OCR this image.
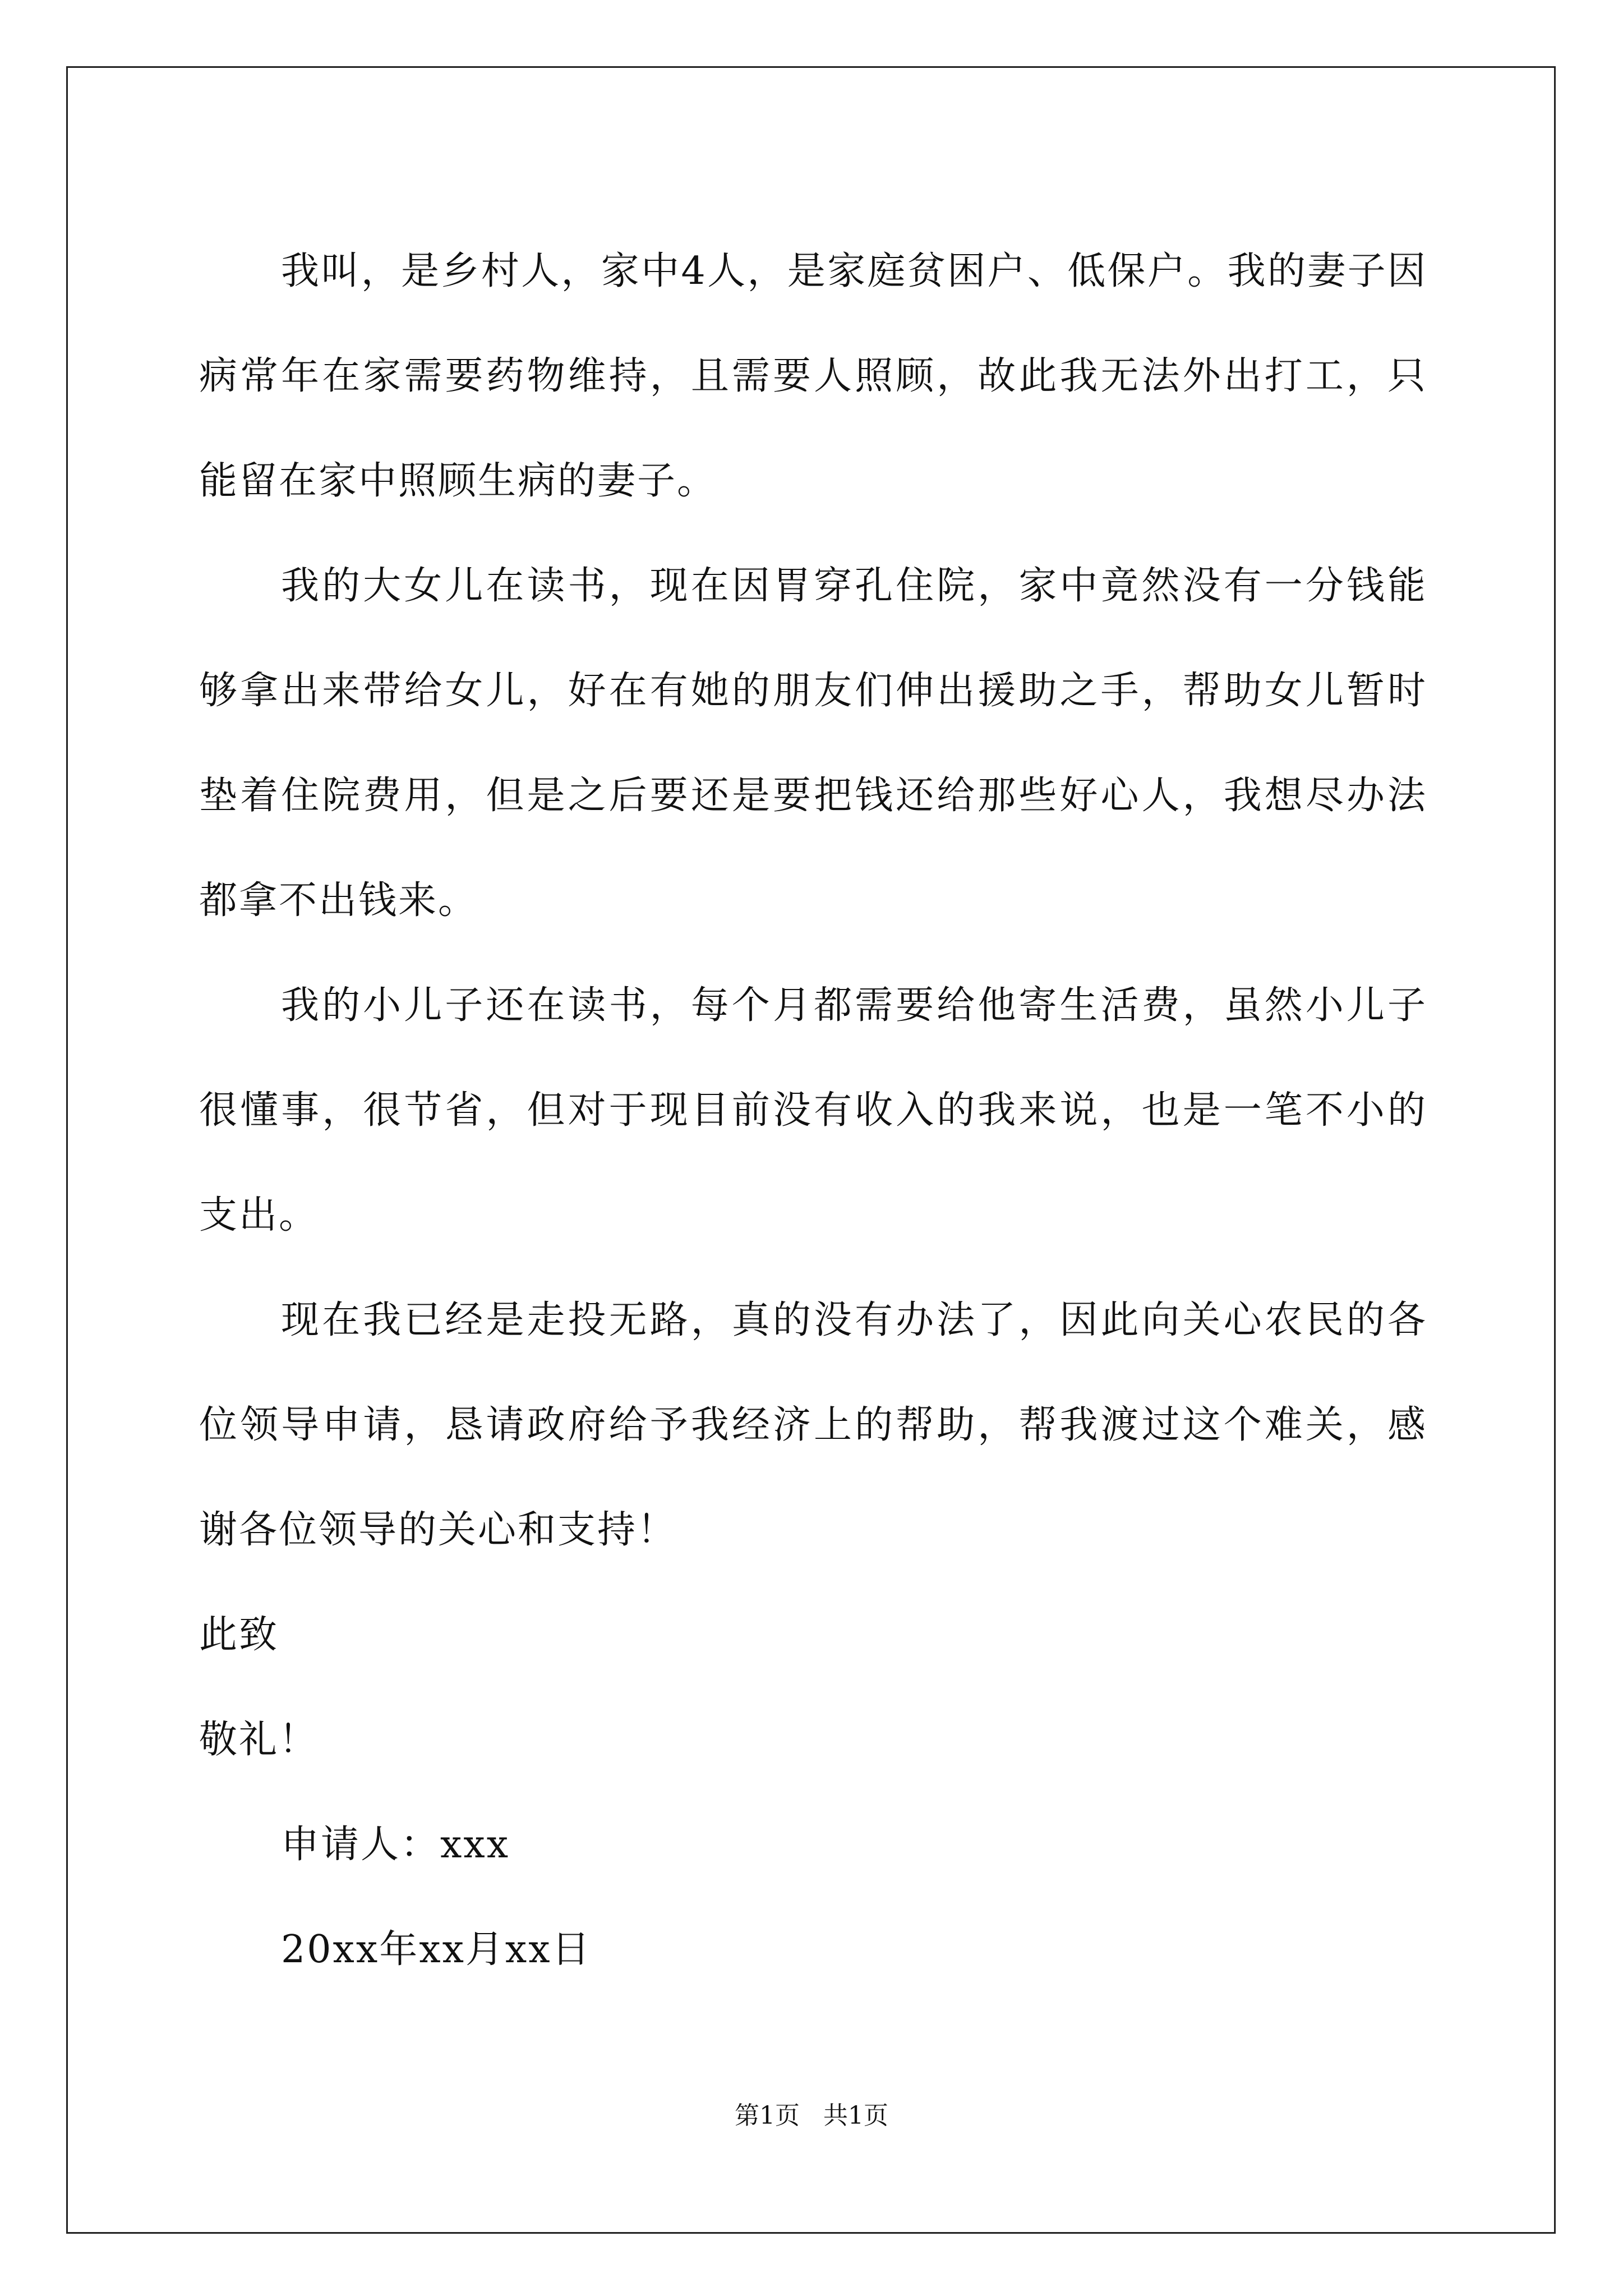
我叫，是乡村人，家中4人，是家庭贫困户、低保户。我的妻子因病常年在家需要药物维持，且需要人照顾，故此我无法外出打工，只能留在家中照顾生病的妻子。

我的大女儿在读书，现在因胃穿孔住院，家中竟然没有一分钱能够拿出来带给女儿，好在有她的朋友们伸出援助之手，帮助女儿暂时垫着住院费用，但是之后要还是要把钱还给那些好心人，我想尽办法都拿不出钱来。

我的小儿子还在读书，每个月都需要给他寄生活费，虽然小儿子很懂事，很节省，但对于现目前没有收入的我来说，也是一笔不小的支出。

现在我已经是走投无路，真的没有办法了，因此向关心农民的各位领导申请，恳请政府给予我经济上的帮助，帮我渡过这个难关，感谢各位领导的关心和支持！

此致

敬礼！

申请人：xxx

20xx年xx月xx日

第1页 共1页
